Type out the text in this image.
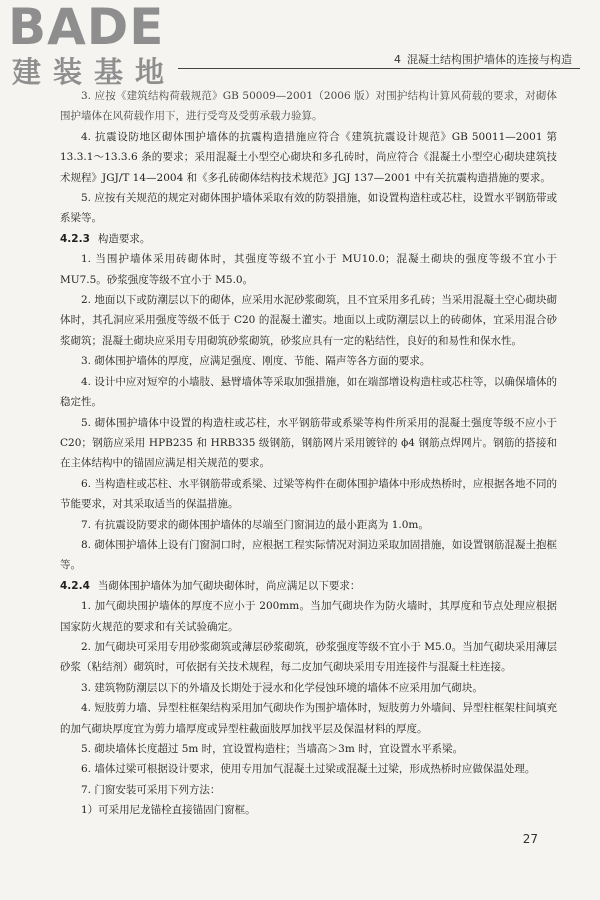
BADE
建装基地	4 混凝土结构围护墙体的连接与构造

3. 应按《建筑结构荷载规范》GB 50009—2001（2006 版）对围护结构计算风荷载的要求，对砌体围护墙体在风荷载作用下，进行受弯及受剪承载力验算。

4. 抗震设防地区砌体围护墙体的抗震构造措施应符合《建筑抗震设计规范》GB 50011—2001 第 13.3.1～13.3.6 条的要求；采用混凝土小型空心砌块和多孔砖时，尚应符合《混凝土小型空心砌块建筑技术规程》JGJ/T 14—2004 和《多孔砖砌体结构技术规范》JGJ 137—2001 中有关抗震构造措施的要求。

5. 应按有关规范的规定对砌体围护墙体采取有效的防裂措施，如设置构造柱或芯柱，设置水平钢筋带或系梁等。

4.2.3 构造要求。

1. 当围护墙体采用砖砌体时，其强度等级不宜小于 MU10.0；混凝土砌块的强度等级不宜小于 MU7.5。砂浆强度等级不宜小于 M5.0。

2. 地面以下或防潮层以下的砌体，应采用水泥砂浆砌筑，且不宜采用多孔砖；当采用混凝土空心砌块砌体时，其孔洞应采用强度等级不低于 C20 的混凝土灌实。地面以上或防潮层以上的砖砌体，宜采用混合砂浆砌筑；混凝土砌块应采用专用砌筑砂浆砌筑，砂浆应具有一定的粘结性，良好的和易性和保水性。

3. 砌体围护墙体的厚度，应满足强度、刚度、节能、隔声等各方面的要求。

4. 设计中应对短窄的小墙肢、悬臂墙体等采取加强措施，如在端部增设构造柱或芯柱等，以确保墙体的稳定性。

5. 砌体围护墙体中设置的构造柱或芯柱，水平钢筋带或系梁等构件所采用的混凝土强度等级不应小于 C20；钢筋应采用 HPB235 和 HRB335 级钢筋，钢筋网片采用镀锌的 ϕ4 钢筋点焊网片。钢筋的搭接和在主体结构中的锚固应满足相关规范的要求。

6. 当构造柱或芯柱、水平钢筋带或系梁、过梁等构件在砌体围护墙体中形成热桥时，应根据各地不同的节能要求，对其采取适当的保温措施。

7. 有抗震设防要求的砌体围护墙体的尽端至门窗洞边的最小距离为 1.0m。

8. 砌体围护墙体上设有门窗洞口时，应根据工程实际情况对洞边采取加固措施，如设置钢筋混凝土抱框等。

4.2.4 当砌体围护墙体为加气砌块砌体时，尚应满足以下要求：

1. 加气砌块围护墙体的厚度不应小于 200mm。当加气砌块作为防火墙时，其厚度和节点处理应根据国家防火规范的要求和有关试验确定。

2. 加气砌块可采用专用砂浆砌筑或薄层砂浆砌筑，砂浆强度等级不宜小于 M5.0。当加气砌块采用薄层砂浆（粘结剂）砌筑时，可依据有关技术规程，每二皮加气砌块采用专用连接件与混凝土柱连接。

3. 建筑物防潮层以下的外墙及长期处于浸水和化学侵蚀环境的墙体不应采用加气砌块。

4. 短肢剪力墙、异型柱框架结构采用加气砌块作为围护墙体时，短肢剪力外墙间、异型柱框架柱间填充的加气砌块厚度宜为剪力墙厚度或异型柱截面肢厚加找平层及保温材料的厚度。

5. 砌块墙体长度超过 5m 时，宜设置构造柱；当墙高＞3m 时，宜设置水平系梁。

6. 墙体过梁可根据设计要求，使用专用加气混凝土过梁或混凝土过梁，形成热桥时应做保温处理。

7. 门窗安装可采用下列方法：

1）可采用尼龙锚栓直接锚固门窗框。

27
